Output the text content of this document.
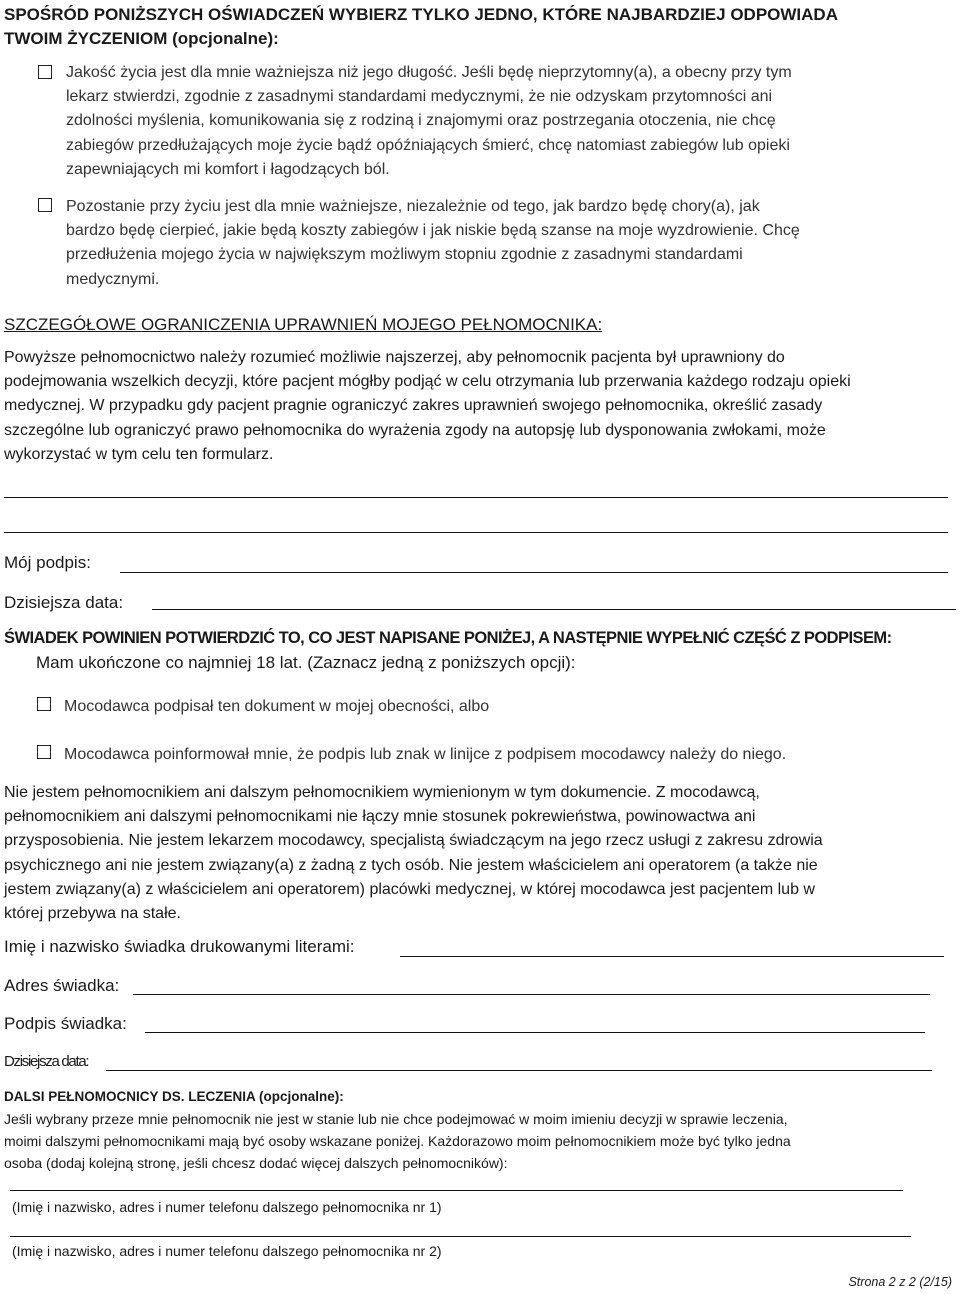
SPOŚRÓD PONIŻSZYCH OŚWIADCZEŃ WYBIERZ TYLKO JEDNO, KTÓRE NAJBARDZIEJ ODPOWIADA
TWOIM ŻYCZENIOM (opcjonalne):
Jakość życia jest dla mnie ważniejsza niż jego długość. Jeśli będę nieprzytomny(a), a obecny przy tym
lekarz stwierdzi, zgodnie z zasadnymi standardami medycznymi, że nie odzyskam przytomności ani
zdolności myślenia, komunikowania się z rodziną i znajomymi oraz postrzegania otoczenia, nie chcę
zabiegów przedłużających moje życie bądź opóźniających śmierć, chcę natomiast zabiegów lub opieki
zapewniających mi komfort i łagodzących ból.
Pozostanie przy życiu jest dla mnie ważniejsze, niezależnie od tego, jak bardzo będę chory(a), jak
bardzo będę cierpieć, jakie będą koszty zabiegów i jak niskie będą szanse na moje wyzdrowienie. Chcę
przedłużenia mojego życia w największym możliwym stopniu zgodnie z zasadnymi standardami
medycznymi.
SZCZEGÓŁOWE OGRANICZENIA UPRAWNIEŃ MOJEGO PEŁNOMOCNIKA:
Powyższe pełnomocnictwo należy rozumieć możliwie najszerzej, aby pełnomocnik pacjenta był uprawniony do
podejmowania wszelkich decyzji, które pacjent mógłby podjąć w celu otrzymania lub przerwania każdego rodzaju opieki
medycznej. W przypadku gdy pacjent pragnie ograniczyć zakres uprawnień swojego pełnomocnika, określić zasady
szczególne lub ograniczyć prawo pełnomocnika do wyrażenia zgody na autopsję lub dysponowania zwłokami, może
wykorzystać w tym celu ten formularz.
Mój podpis:
Dzisiejsza data:
ŚWIADEK POWINIEN POTWIERDZIĆ TO, CO JEST NAPISANE PONIŻEJ, A NASTĘPNIE WYPEŁNIĆ CZĘŚĆ Z PODPISEM:
Mam ukończone co najmniej 18 lat. (Zaznacz jedną z poniższych opcji):
Mocodawca podpisał ten dokument w mojej obecności, albo
Mocodawca poinformował mnie, że podpis lub znak w linijce z podpisem mocodawcy należy do niego.
Nie jestem pełnomocnikiem ani dalszym pełnomocnikiem wymienionym w tym dokumencie. Z mocodawcą,
pełnomocnikiem ani dalszymi pełnomocnikami nie łączy mnie stosunek pokrewieństwa, powinowactwa ani
przysposobienia. Nie jestem lekarzem mocodawcy, specjalistą świadczącym na jego rzecz usługi z zakresu zdrowia
psychicznego ani nie jestem związany(a) z żadną z tych osób. Nie jestem właścicielem ani operatorem (a także nie
jestem związany(a) z właścicielem ani operatorem) placówki medycznej, w której mocodawca jest pacjentem lub w
której przebywa na stałe.
Imię i nazwisko świadka drukowanymi literami:
Adres świadka:
Podpis świadka:
Dzisiejsza data:
DALSI PEŁNOMOCNICY DS. LECZENIA (opcjonalne):
Jeśli wybrany przeze mnie pełnomocnik nie jest w stanie lub nie chce podejmować w moim imieniu decyzji w sprawie leczenia,
moimi dalszymi pełnomocnikami mają być osoby wskazane poniżej. Każdorazowo moim pełnomocnikiem może być tylko jedna
osoba (dodaj kolejną stronę, jeśli chcesz dodać więcej dalszych pełnomocników):
(Imię i nazwisko, adres i numer telefonu dalszego pełnomocnika nr 1)
(Imię i nazwisko, adres i numer telefonu dalszego pełnomocnika nr 2)
Strona 2 z 2 (2/15)
